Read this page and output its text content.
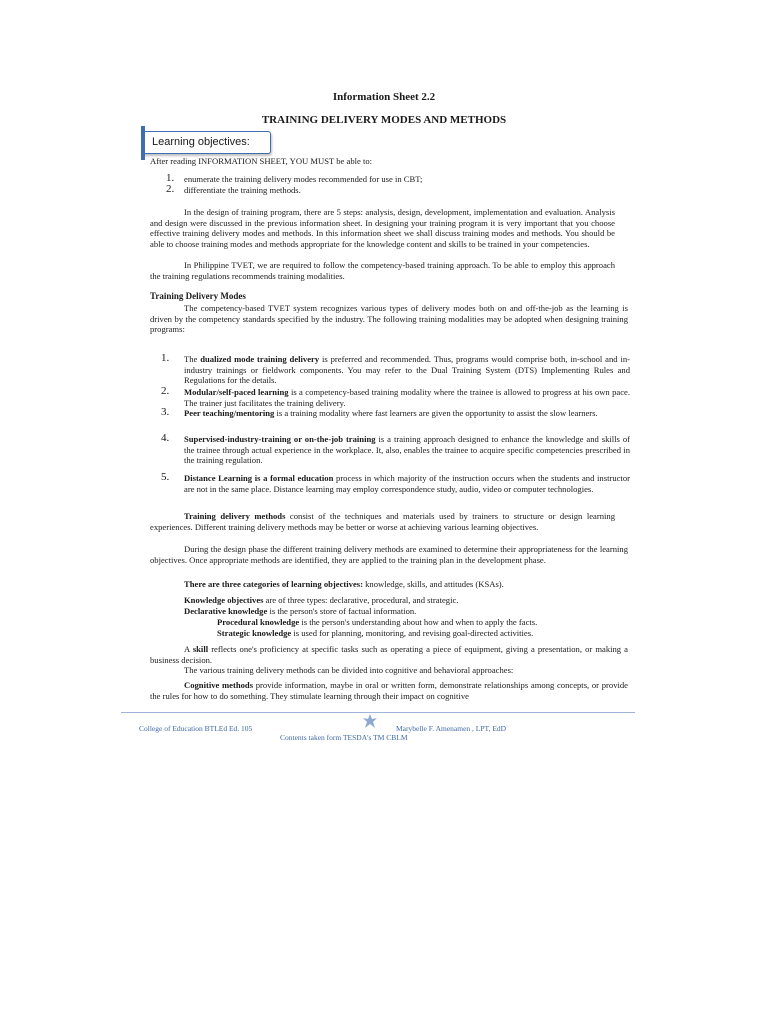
Information Sheet 2.2
TRAINING DELIVERY MODES AND METHODS
Learning objectives:
After reading INFORMATION SHEET, YOU MUST be able to:
1.	enumerate the training delivery modes recommended for use in CBT;
2.	differentiate the training methods.
In the design of training program, there are 5 steps: analysis, design, development, implementation and evaluation. Analysis and design were discussed in the previous information sheet. In designing your training program it is very important that you choose effective training delivery modes and methods. In this information sheet we shall discuss training modes and methods. You should be able to choose training modes and methods appropriate for the knowledge content and skills to be trained in your competencies.
In Philippine TVET, we are required to follow the competency-based training approach. To be able to employ this approach the training regulations recommends training modalities.
Training Delivery Modes
The competency-based TVET system recognizes various types of delivery modes both on and off-the-job as the learning is driven by the competency standards specified by the industry. The following training modalities may be adopted when designing training programs:
1.	The dualized mode training delivery is preferred and recommended. Thus, programs would comprise both, in-school and in-industry trainings or fieldwork components. You may refer to the Dual Training System (DTS) Implementing Rules and Regulations for the details.
2.	Modular/self-paced learning is a competency-based training modality where the trainee is allowed to progress at his own pace. The trainer just facilitates the training delivery.
3.	Peer teaching/mentoring is a training modality where fast learners are given the opportunity to assist the slow learners.
4.	Supervised-industry-training or on-the-job training is a training approach designed to enhance the knowledge and skills of the trainee through actual experience in the workplace. It, also, enables the trainee to acquire specific competencies prescribed in the training regulation.
5.	Distance Learning is a formal education process in which majority of the instruction occurs when the students and instructor are not in the same place. Distance learning may employ correspondence study, audio, video or computer technologies.
Training delivery methods consist of the techniques and materials used by trainers to structure or design learning experiences. Different training delivery methods may be better or worse at achieving various learning objectives.
During the design phase the different training delivery methods are examined to determine their appropriateness for the learning objectives. Once appropriate methods are identified, they are applied to the training plan in the development phase.
There are three categories of learning objectives: knowledge, skills, and attitudes (KSAs).
Knowledge objectives are of three types: declarative, procedural, and strategic.
Declarative knowledge is the person's store of factual information.
Procedural knowledge is the person's understanding about how and when to apply the facts.
Strategic knowledge is used for planning, monitoring, and revising goal-directed activities.
A skill reflects one's proficiency at specific tasks such as operating a piece of equipment, giving a presentation, or making a business decision.
The various training delivery methods can be divided into cognitive and behavioral approaches:
Cognitive methods provide information, maybe in oral or written form, demonstrate relationships among concepts, or provide the rules for how to do something. They stimulate learning through their impact on cognitive
College of Education BTLEd Ed. 105	Marybelle F. Amenamen , LPT, EdD
Contents taken form TESDA's TM CBLM
